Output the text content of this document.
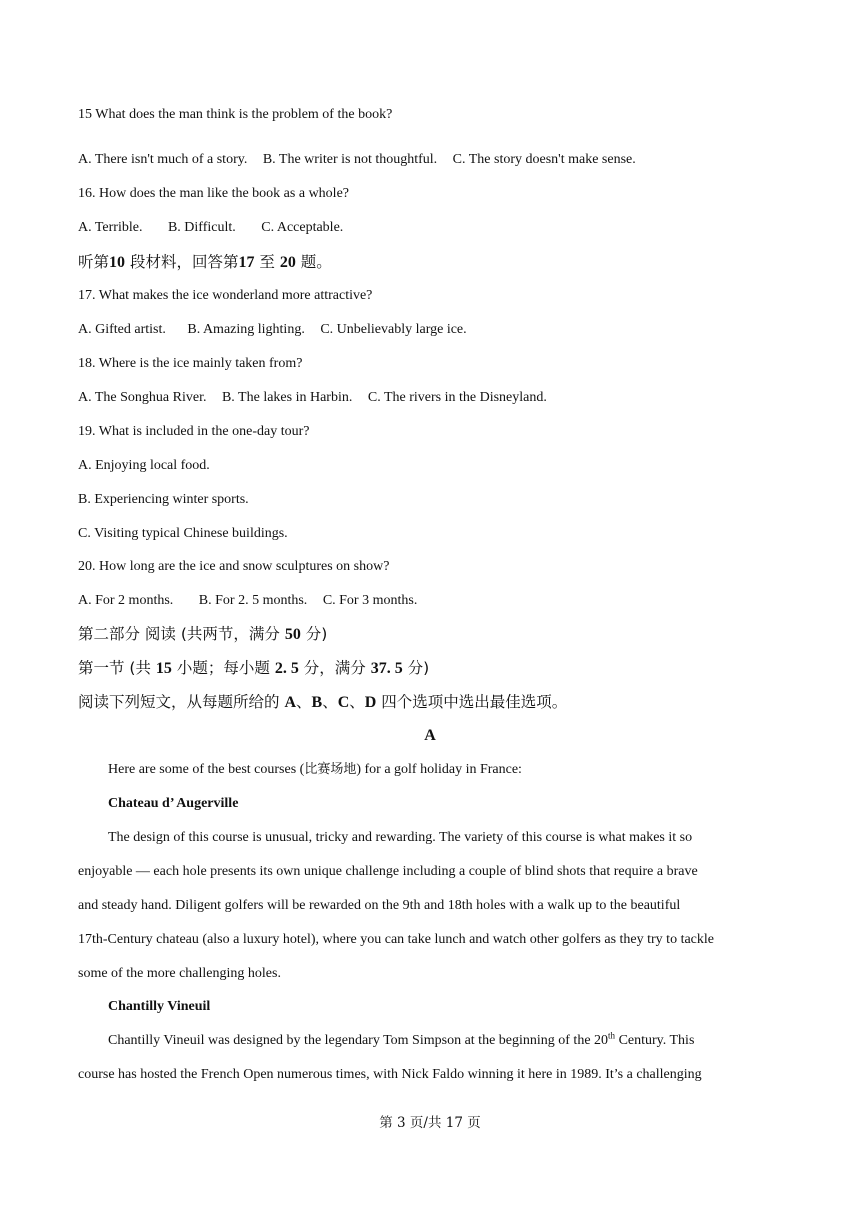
15 What does the man think is the problem of the book?
A. There isn't much of a story. B. The writer is not thoughtful. C. The story doesn't make sense.
16. How does the man like the book as a whole?
A. Terrible. B. Difficult. C. Acceptable.
听第10 段材料，回答第17 至 20 题。
17. What makes the ice wonderland more attractive?
A. Gifted artist. B. Amazing lighting. C. Unbelievably large ice.
18. Where is the ice mainly taken from?
A. The Songhua River. B. The lakes in Harbin. C. The rivers in the Disneyland.
19. What is included in the one-day tour?
A. Enjoying local food.
B. Experiencing winter sports.
C. Visiting typical Chinese buildings.
20. How long are the ice and snow sculptures on show?
A. For 2 months. B. For 2. 5 months. C. For 3 months.
第二部分 阅读 (共两节，满分 50 分)
第一节 (共 15 小题；每小题 2. 5 分，满分 37. 5 分)
阅读下列短文，从每题所给的 A、B、C、D 四个选项中选出最佳选项。
A
Here are some of the best courses (比赛场地) for a golf holiday in France:
Chateau d’ Augerville
The design of this course is unusual, tricky and rewarding. The variety of this course is what makes it so
enjoyable — each hole presents its own unique challenge including a couple of blind shots that require a brave
and steady hand. Diligent golfers will be rewarded on the 9th and 18th holes with a walk up to the beautiful
17th-Century chateau (also a luxury hotel), where you can take lunch and watch other golfers as they try to tackle
some of the more challenging holes.
Chantilly Vineuil
Chantilly Vineuil was designed by the legendary Tom Simpson at the beginning of the 20th Century. This
course has hosted the French Open numerous times, with Nick Faldo winning it here in 1989. It’s a challenging
第 3 页/共 17 页
